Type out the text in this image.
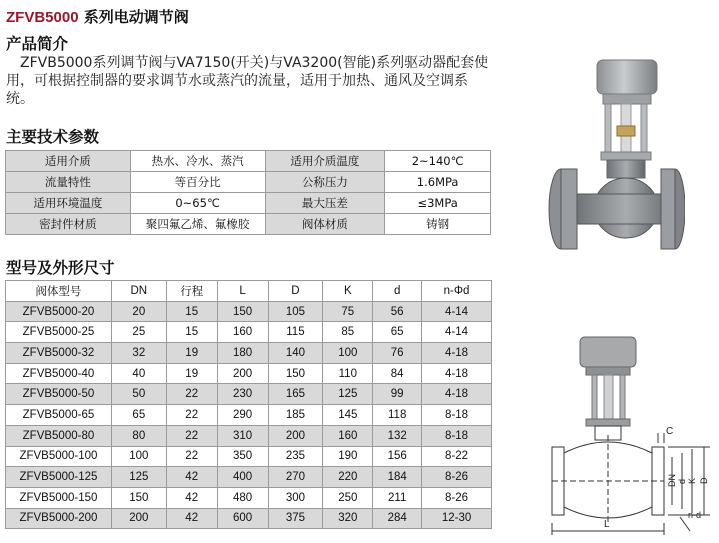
ZFVB5000 系列电动调节阀
产品简介

ZFVB5000系列调节阀与VA7150(开关)与VA3200(智能)系列驱动器配套使用，可根据控制器的要求调节水或蒸汽的流量，适用于加热、通风及空调系统。

主要技术参数
适用介质	热水、冷水、蒸汽	适用介质温度	2~140℃
流量特性	等百分比	公称压力	1.6MPa
适用环境温度	0~65℃	最大压差	≤3MPa
密封件材质	聚四氟乙烯、氟橡胶	阀体材质	铸钢
型号及外形尺寸
阀体型号	DN	行程	L	D	K	d	n-Φd
ZFVB5000-20	20	15	150	105	75	56	4-14
ZFVB5000-25	25	15	160	115	85	65	4-14
ZFVB5000-32	32	19	180	140	100	76	4-18
ZFVB5000-40	40	19	200	150	110	84	4-18
ZFVB5000-50	50	22	230	165	125	99	4-18
ZFVB5000-65	65	22	290	185	145	118	8-18
ZFVB5000-80	80	22	310	200	160	132	8-18
ZFVB5000-100	100	22	350	235	190	156	8-22
ZFVB5000-125	125	42	400	270	220	184	8-26
ZFVB5000-150	150	42	480	300	250	211	8-26
ZFVB5000-200	200	42	600	375	320	284	12-30
C
DN d K D
L
n-d
